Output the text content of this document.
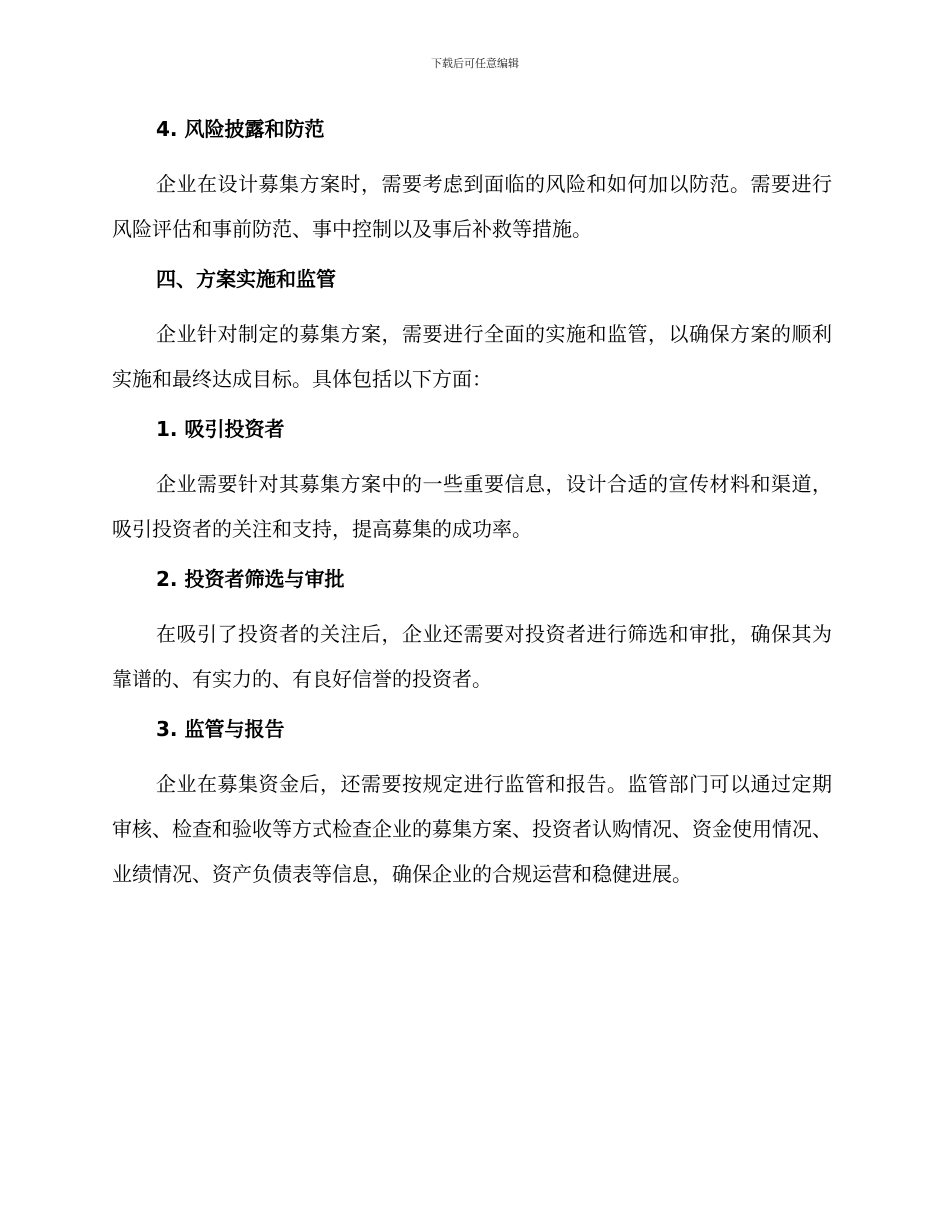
下载后可任意编辑
4. 风险披露和防范

企业在设计募集方案时，需要考虑到面临的风险和如何加以防范。需要进行风险评估和事前防范、事中控制以及事后补救等措施。

四、方案实施和监管

企业针对制定的募集方案，需要进行全面的实施和监管，以确保方案的顺利实施和最终达成目标。具体包括以下方面：

1. 吸引投资者

企业需要针对其募集方案中的一些重要信息，设计合适的宣传材料和渠道，吸引投资者的关注和支持，提高募集的成功率。

2. 投资者筛选与审批

在吸引了投资者的关注后，企业还需要对投资者进行筛选和审批，确保其为靠谱的、有实力的、有良好信誉的投资者。

3. 监管与报告

企业在募集资金后，还需要按规定进行监管和报告。监管部门可以通过定期审核、检查和验收等方式检查企业的募集方案、投资者认购情况、资金使用情况、业绩情况、资产负债表等信息，确保企业的合规运营和稳健进展。
